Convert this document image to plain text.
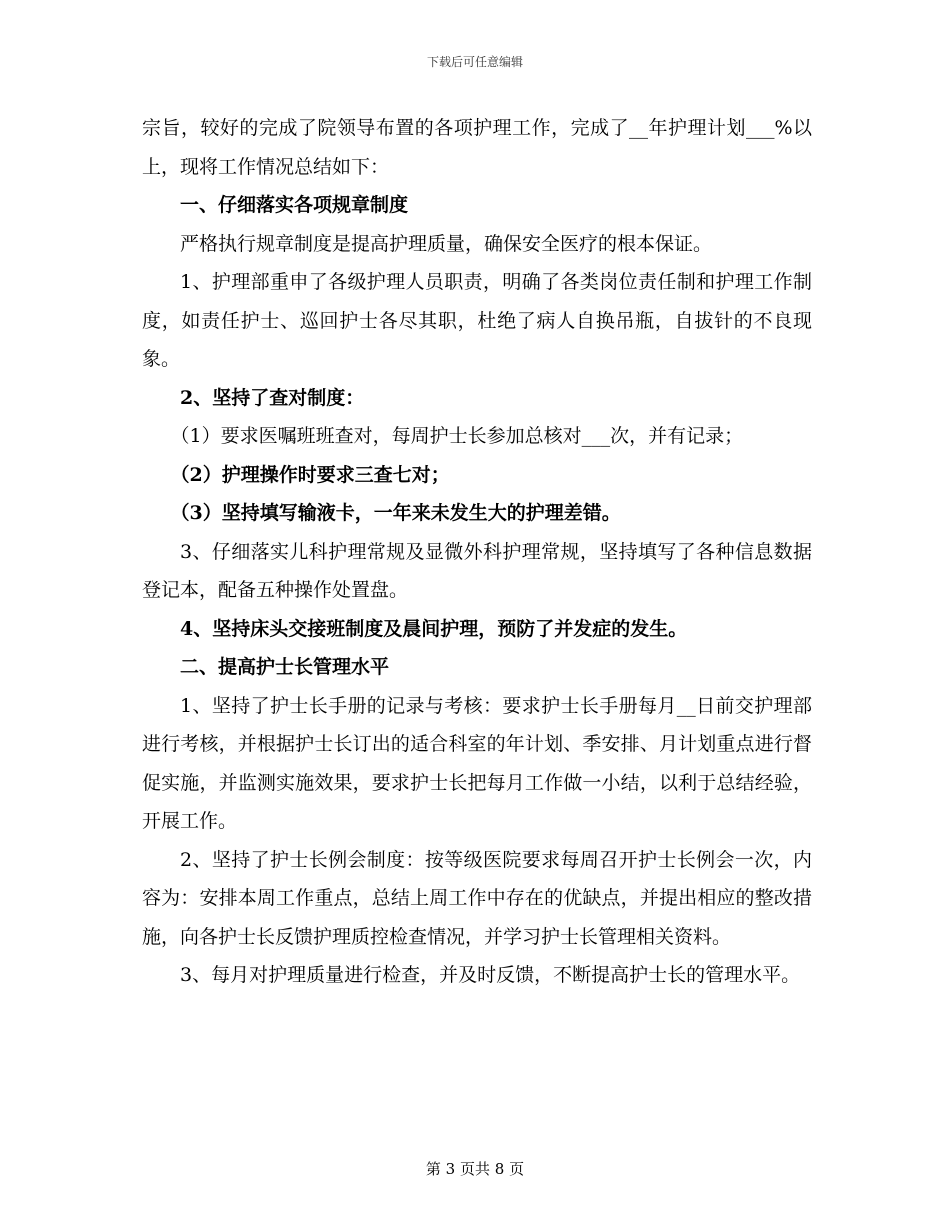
下载后可任意编辑

宗旨，较好的完成了院领导布置的各项护理工作，完成了__年护理计划___%以上，现将工作情况总结如下：

一、仔细落实各项规章制度

严格执行规章制度是提高护理质量，确保安全医疗的根本保证。

1、护理部重申了各级护理人员职责，明确了各类岗位责任制和护理工作制度，如责任护士、巡回护士各尽其职，杜绝了病人自换吊瓶，自拔针的不良现象。

2、坚持了查对制度：

（1）要求医嘱班班查对，每周护士长参加总核对___次，并有记录；

（2）护理操作时要求三查七对；

（3）坚持填写输液卡，一年来未发生大的护理差错。

3、仔细落实儿科护理常规及显微外科护理常规，坚持填写了各种信息数据登记本，配备五种操作处置盘。

4、坚持床头交接班制度及晨间护理，预防了并发症的发生。

二、提高护士长管理水平

1、坚持了护士长手册的记录与考核：要求护士长手册每月__日前交护理部进行考核，并根据护士长订出的适合科室的年计划、季安排、月计划重点进行督促实施，并监测实施效果，要求护士长把每月工作做一小结，以利于总结经验，开展工作。

2、坚持了护士长例会制度：按等级医院要求每周召开护士长例会一次，内容为：安排本周工作重点，总结上周工作中存在的优缺点，并提出相应的整改措施，向各护士长反馈护理质控检查情况，并学习护士长管理相关资料。

3、每月对护理质量进行检查，并及时反馈，不断提高护士长的管理水平。

第 3 页共 8 页
